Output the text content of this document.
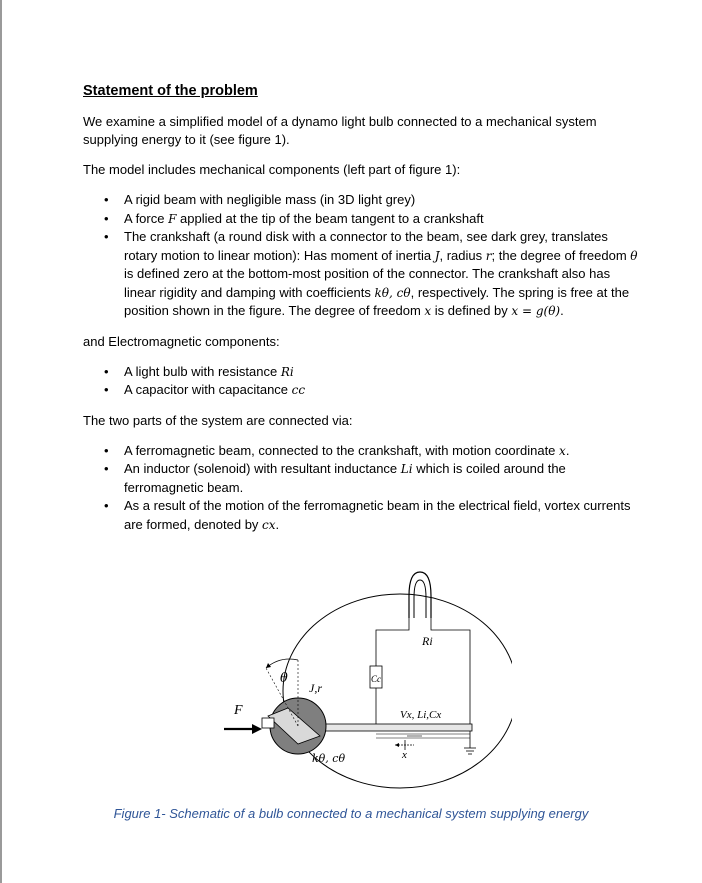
Statement of the problem

We examine a simplified model of a dynamo light bulb connected to a mechanical system supplying energy to it (see figure 1).

The model includes mechanical components (left part of figure 1):

• A rigid beam with negligible mass (in 3D light grey)
• A force F applied at the tip of the beam tangent to a crankshaft
• The crankshaft (a round disk with a connector to the beam, see dark grey, translates rotary motion to linear motion): Has moment of inertia J, radius r; the degree of freedom θ is defined zero at the bottom-most position of the connector. The crankshaft also has linear rigidity and damping with coefficients kθ, cθ, respectively. The spring is free at the position shown in the figure. The degree of freedom x is defined by x = g(θ).

and Electromagnetic components:

• A light bulb with resistance Ri
• A capacitor with capacitance cc

The two parts of the system are connected via:

• A ferromagnetic beam, connected to the crankshaft, with motion coordinate x.
• An inductor (solenoid) with resultant inductance Li which is coiled around the ferromagnetic beam.
• As a result of the motion of the ferromagnetic beam in the electrical field, vortex currents are formed, denoted by cx.
θ
J,r
F
kθ, cθ
Ri
Cc
Vx, Li,Cx
x
Figure 1- Schematic of a bulb connected to a mechanical system supplying energy
